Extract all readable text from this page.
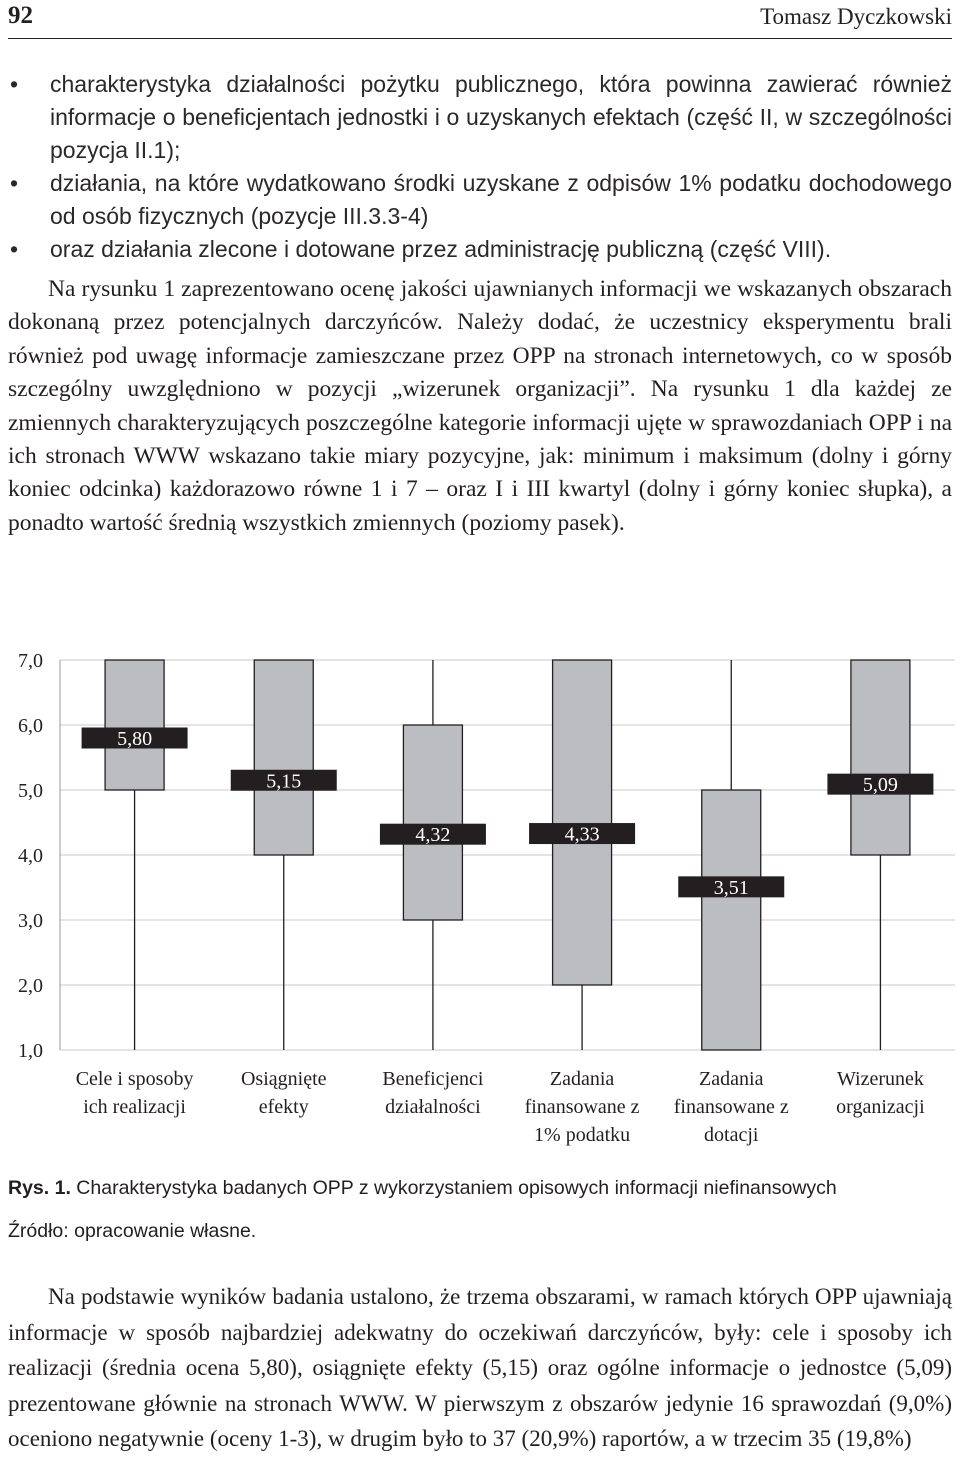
92	Tomasz Dyczkowski
• charakterystyka działalności pożytku publicznego, która powinna zawierać również informacje o beneficjentach jednostki i o uzyskanych efektach (część II, w szczególności pozycja II.1);
• działania, na które wydatkowano środki uzyskane z odpisów 1% podatku dochodowego od osób fizycznych (pozycje III.3.3-4)
• oraz działania zlecone i dotowane przez administrację publiczną (część VIII).

Na rysunku 1 zaprezentowano ocenę jakości ujawnianych informacji we wskazanych obszarach dokonaną przez potencjalnych darczyńców. Należy dodać, że uczestnicy eksperymentu brali również pod uwagę informacje zamieszczane przez OPP na stronach internetowych, co w sposób szczególny uwzględniono w pozycji „wizerunek organizacji”. Na rysunku 1 dla każdej ze zmiennych charakteryzujących poszczególne kategorie informacji ujęte w sprawozdaniach OPP i na ich stronach WWW wskazano takie miary pozycyjne, jak: minimum i maksimum (dolny i górny koniec odcinka) każdorazowo równe 1 i 7 – oraz I i III kwartyl (dolny i górny koniec słupka), a ponadto wartość średnią wszystkich zmiennych (poziomy pasek).

1,0
2,0
3,0
4,0
5,0
6,0
7,0
5,80
Cele i sposoby
ich realizacji
5,15
Osiągnięte
efekty
4,32
Beneficjenci
działalności
4,33
Zadania
finansowane z
1% podatku
3,51
Zadania
finansowane z
dotacji
5,09
Wizerunek
organizacji
Rys. 1. Charakterystyka badanych OPP z wykorzystaniem opisowych informacji niefinansowych
Źródło: opracowanie własne.

Na podstawie wyników badania ustalono, że trzema obszarami, w ramach których OPP ujawniają informacje w sposób najbardziej adekwatny do oczekiwań darczyńców, były: cele i sposoby ich realizacji (średnia ocena 5,80), osiągnięte efekty (5,15) oraz ogólne informacje o jednostce (5,09) prezentowane głównie na stronach WWW. W pierwszym z obszarów jedynie 16 sprawozdań (9,0%) oceniono negatywnie (oceny 1-3), w drugim było to 37 (20,9%) raportów, a w trzecim 35 (19,8%)
